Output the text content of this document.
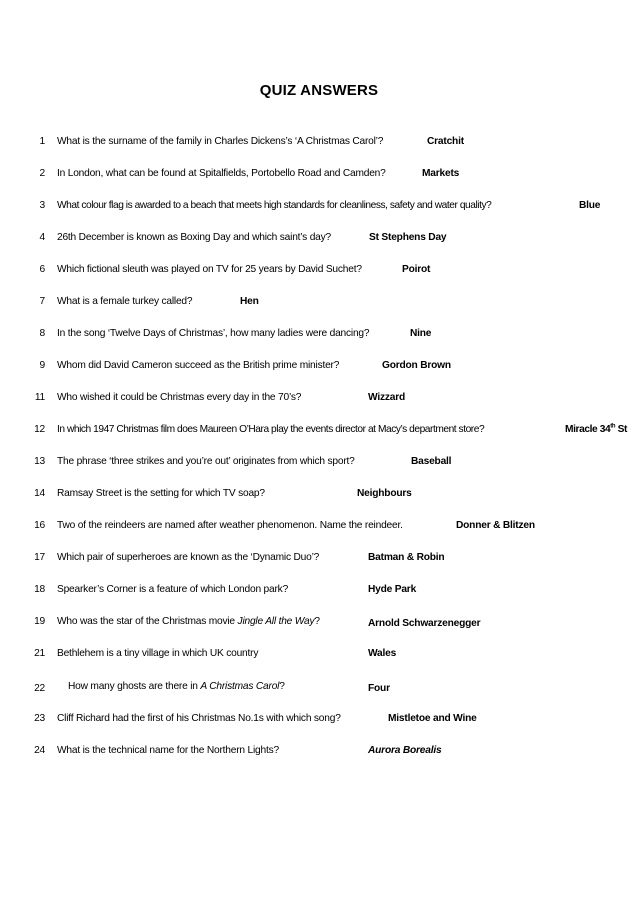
QUIZ ANSWERS
1 What is the surname of the family in Charles Dickens’s ‘A Christmas Carol’?	Cratchit
2 In London, what can be found at Spitalfields, Portobello Road and Camden?	Markets
3 What colour flag is awarded to a beach that meets high standards for cleanliness, safety and water quality?	Blue
4 26th December is known as Boxing Day and which saint’s day?	St Stephens Day
6 Which fictional sleuth was played on TV for 25 years by David Suchet?	Poirot
7 What is a female turkey called?	Hen
8 In the song ‘Twelve Days of Christmas’, how many ladies were dancing?	Nine
9 Whom did David Cameron succeed as the British prime minister?	Gordon Brown
11 Who wished it could be Christmas every day in the 70’s?	Wizzard
12 In which 1947 Christmas film does Maureen O’Hara play the events director at Macy’s department store?	Miracle 34th St
13 The phrase ‘three strikes and you’re out’ originates from which sport?	Baseball
14 Ramsay Street is the setting for which TV soap?	Neighbours
16 Two of the reindeers are named after weather phenomenon. Name the reindeer.	Donner & Blitzen
17 Which pair of superheroes are known as the ‘Dynamic Duo’?	Batman & Robin
18 Spearker’s Corner is a feature of which London park?	Hyde Park
19 Who was the star of the Christmas movie Jingle All the Way?	Arnold Schwarzenegger
21 Bethlehem is a tiny village in which UK country	Wales
22 How many ghosts are there in A Christmas Carol?	Four
23 Cliff Richard had the first of his Christmas No.1s with which song?	Mistletoe and Wine
24 What is the technical name for the Northern Lights?	Aurora Borealis
